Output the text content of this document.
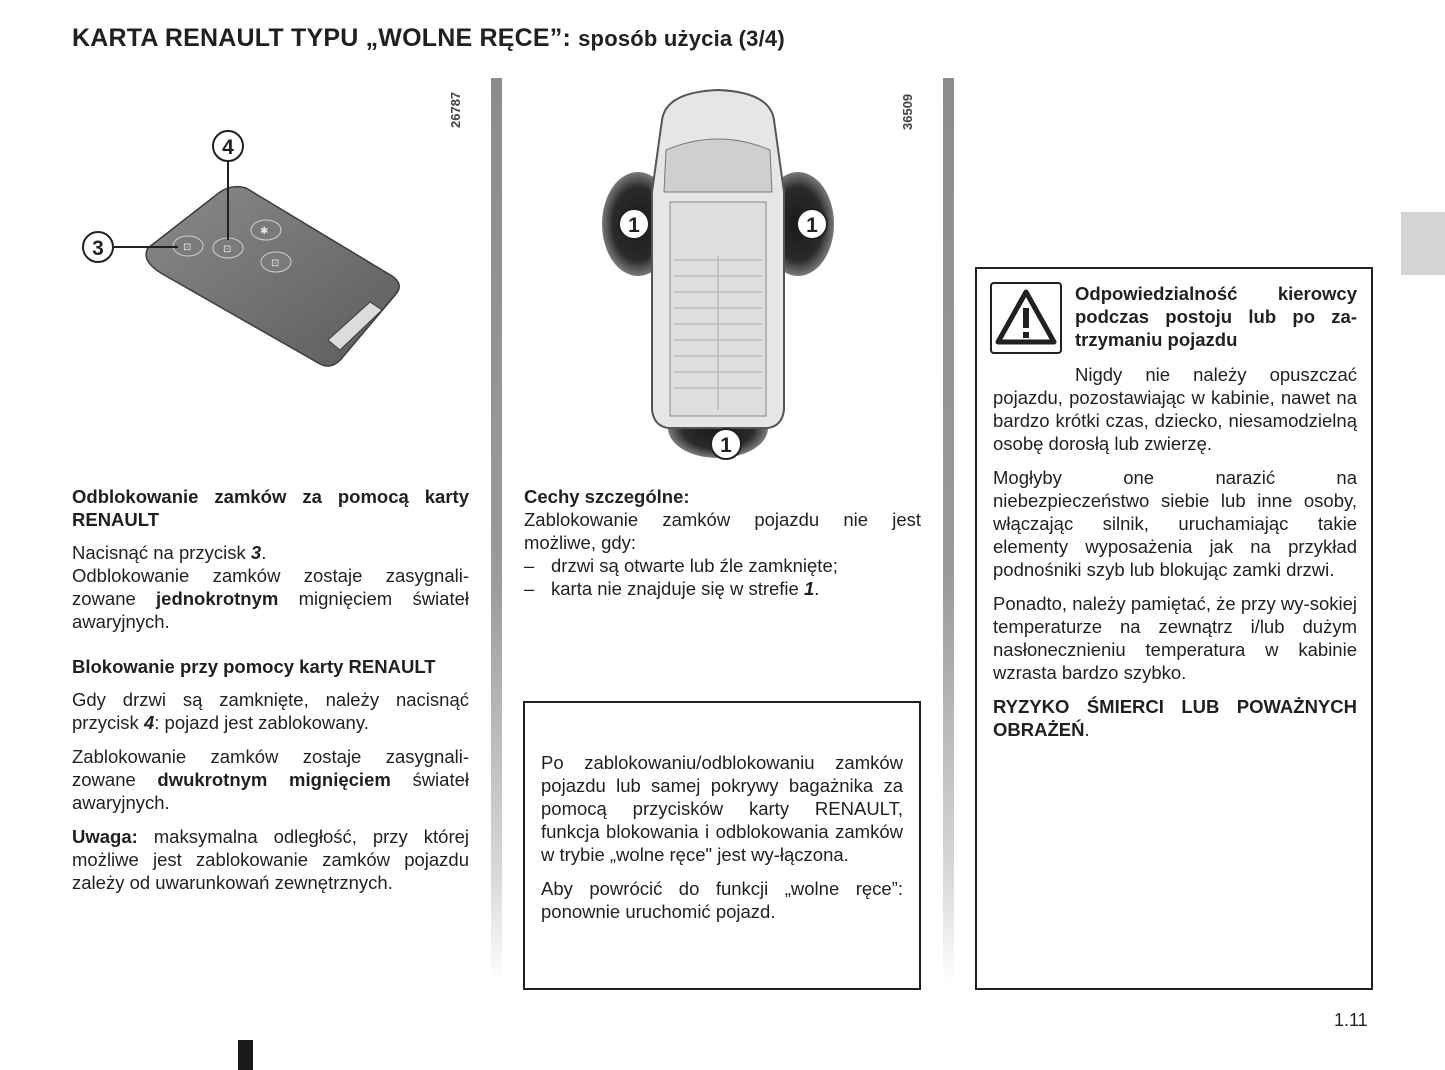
KARTA RENAULT TYPU „WOLNE RĘCE”: sposób użycia (3/4)
⊡	⊡
✱
⊡
4
3
26787
1	1
1
36509
Odblokowanie zamków za pomocą karty RENAULT

Nacisnąć na przycisk 3.

Odblokowanie zamków zostaje zasygnali-zowane jednokrotnym mignięciem świateł awaryjnych.

Blokowanie przy pomocy karty RENAULT

Gdy drzwi są zamknięte, należy nacisnąć przycisk 4: pojazd jest zablokowany.

Zablokowanie zamków zostaje zasygnali-zowane dwukrotnym mignięciem świateł awaryjnych.

Uwaga: maksymalna odległość, przy której możliwe jest zablokowanie zamków pojazdu zależy od uwarunkowań zewnętrznych.

Cechy szczególne:

Zablokowanie zamków pojazdu nie jest możliwe, gdy:

– drzwi są otwarte lub źle zamknięte;
– karta nie znajduje się w strefie 1.

Po zablokowaniu/odblokowaniu zamków pojazdu lub samej pokrywy bagażnika za pomocą przycisków karty RENAULT, funkcja blokowania i odblokowania zamków w trybie „wolne ręce" jest wy-łączona.

Aby powrócić do funkcji „wolne ręce”: ponownie uruchomić pojazd.

Odpowiedzialność kierowcy podczas postoju lub po za-trzymaniu pojazdu

Nigdy nie należy opuszczać pojazdu, pozostawiając w kabinie, nawet na bardzo krótki czas, dziecko, niesamodzielną osobę dorosłą lub zwierzę.

Mogłyby one narazić na
niebezpieczeństwo siebie lub inne osoby, włączając silnik, uruchamiając takie elementy wyposażenia jak na przykład podnośniki szyb lub blokując zamki drzwi.

Ponadto, należy pamiętać, że przy wy-sokiej temperaturze na zewnątrz i/lub dużym nasłonecznieniu temperatura w kabinie wzrasta bardzo szybko.

RYZYKO ŚMIERCI LUB POWAŻNYCH OBRAŻEŃ.

1.11
